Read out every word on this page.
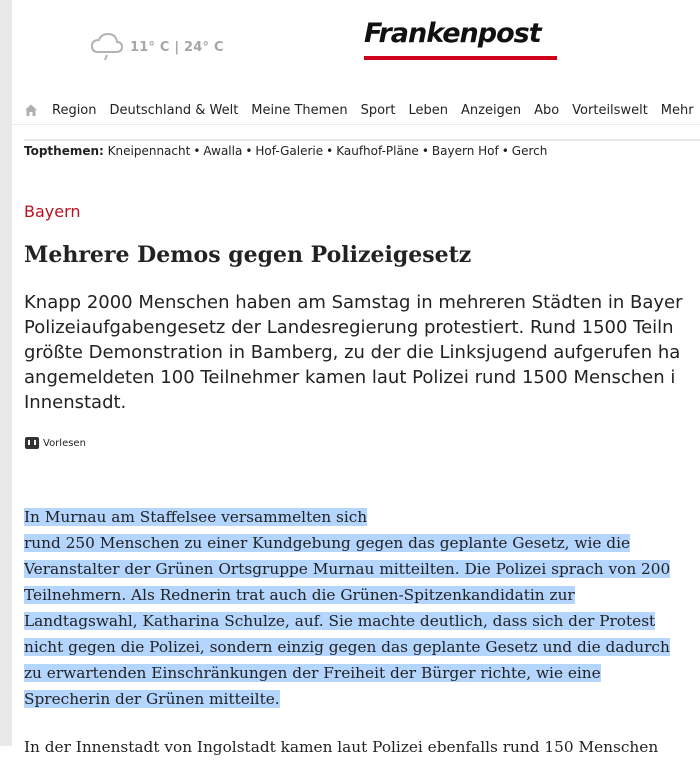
11° C | 24° C	Frankenpost
Region Deutschland & Welt Meine Themen Sport Leben Anzeigen Abo Vorteilswelt Mehr
Topthemen: Kneipennacht • Awalla • Hof-Galerie • Kaufhof-Pläne • Bayern Hof • Gerch
Bayern
Mehrere Demos gegen Polizeigesetz
Knapp 2000 Menschen haben am Samstag in mehreren Städten in Bayer
Polizeiaufgabengesetz der Landesregierung protestiert. Rund 1500 Teiln
größte Demonstration in Bamberg, zu der die Linksjugend aufgerufen ha
angemeldeten 100 Teilnehmer kamen laut Polizei rund 1500 Menschen i
Innenstadt.
Vorlesen
In Murnau am Staffelsee versammelten sich
rund 250 Menschen zu einer Kundgebung gegen das geplante Gesetz, wie die
Veranstalter der Grünen Ortsgruppe Murnau mitteilten. Die Polizei sprach von 200
Teilnehmern. Als Rednerin trat auch die Grünen-Spitzenkandidatin zur
Landtagswahl, Katharina Schulze, auf. Sie machte deutlich, dass sich der Protest
nicht gegen die Polizei, sondern einzig gegen das geplante Gesetz und die dadurch
zu erwartenden Einschränkungen der Freiheit der Bürger richte, wie eine
Sprecherin der Grünen mitteilte.
In der Innenstadt von Ingolstadt kamen laut Polizei ebenfalls rund 150 Menschen
